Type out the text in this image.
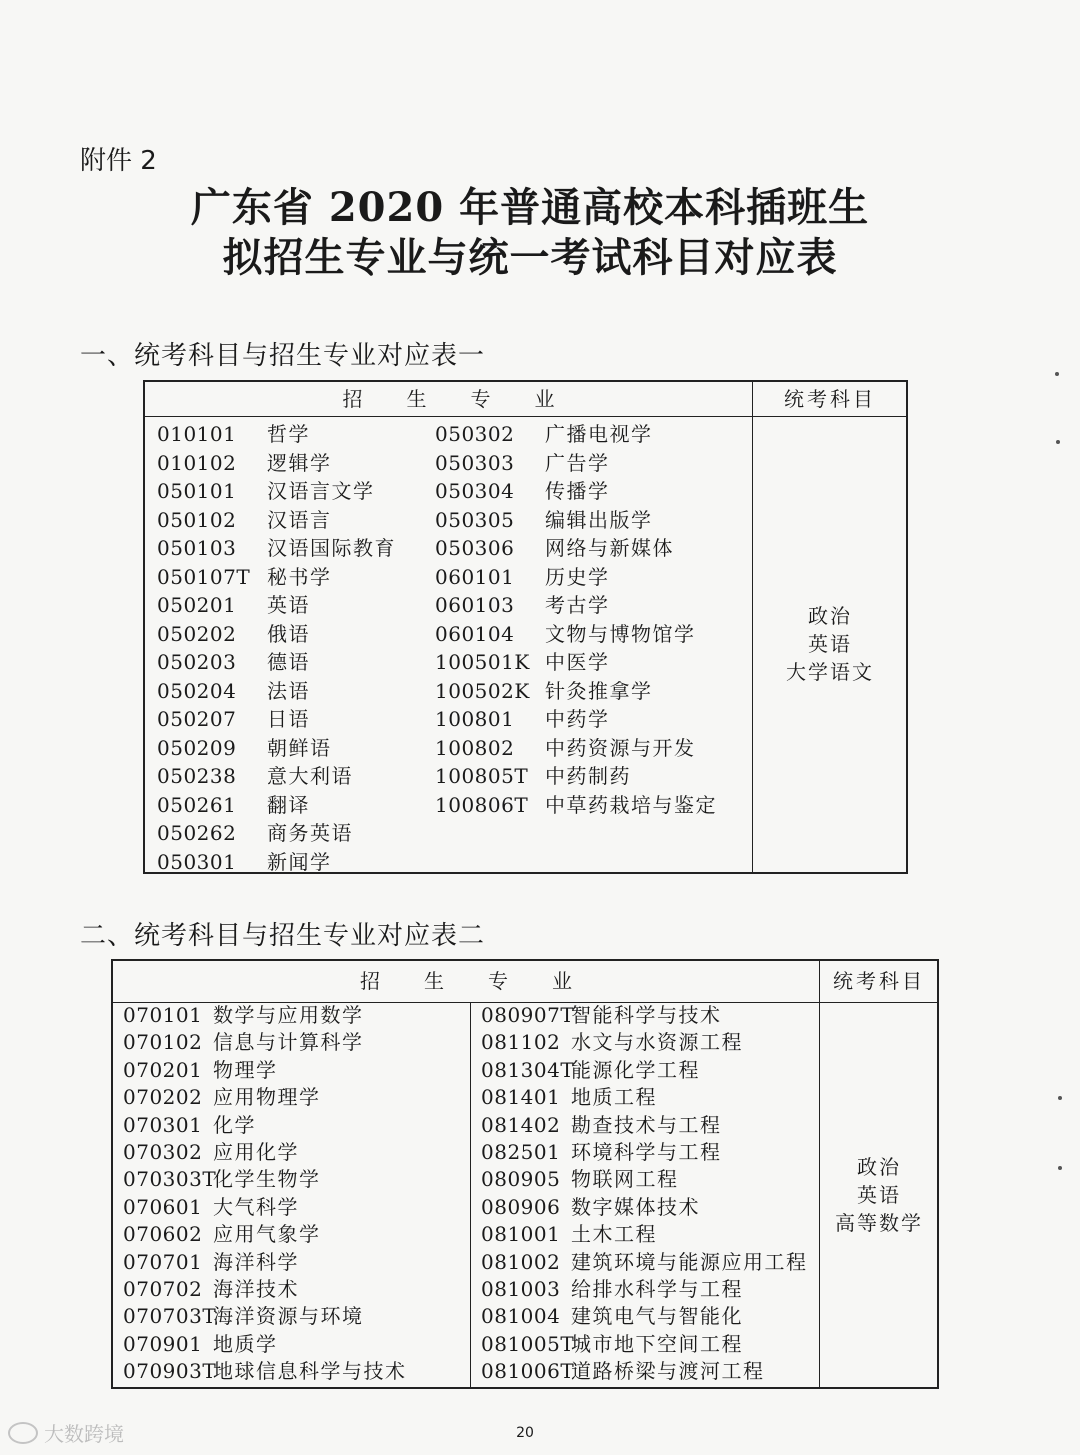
附件 2
广东省 2020 年普通高校本科插班生
拟招生专业与统一考试科目对应表
一、统考科目与招生专业对应表一
招生专业	统考科目
010101 哲学
010102 逻辑学
050101 汉语言文学
050102 汉语言
050103 汉语国际教育
050107T 秘书学
050201 英语
050202 俄语
050203 德语
050204 法语
050207 日语
050209 朝鲜语
050238 意大利语
050261 翻译
050262 商务英语
050301 新闻学
050302 广播电视学
050303 广告学
050304 传播学
050305 编辑出版学
050306 网络与新媒体
060101 历史学
060103 考古学
060104 文物与博物馆学
100501K 中医学
100502K 针灸推拿学
100801 中药学
100802 中药资源与开发
100805T 中药制药
100806T 中草药栽培与鉴定
政治
英语
大学语文
二、统考科目与招生专业对应表二
招生专业	统考科目
070101 数学与应用数学
070102 信息与计算科学
070201 物理学
070202 应用物理学
070301 化学
070302 应用化学
070303T
化学生物学
070601 大气科学
070602 应用气象学
070701 海洋科学
070702 海洋技术
070703T
海洋资源与环境
070901 地质学
070903T
地球信息科学与技术
080907T
智能科学与技术
081102 水文与水资源工程
081304T
能源化学工程
081401 地质工程
081402 勘查技术与工程
082501 环境科学与工程
080905 物联网工程
080906 数字媒体技术
081001 土木工程
081002 建筑环境与能源应用工程
081003 给排水科学与工程
081004 建筑电气与智能化
081005T
城市地下空间工程
081006T
道路桥梁与渡河工程
政治
英语
高等数学
20
大数跨境
